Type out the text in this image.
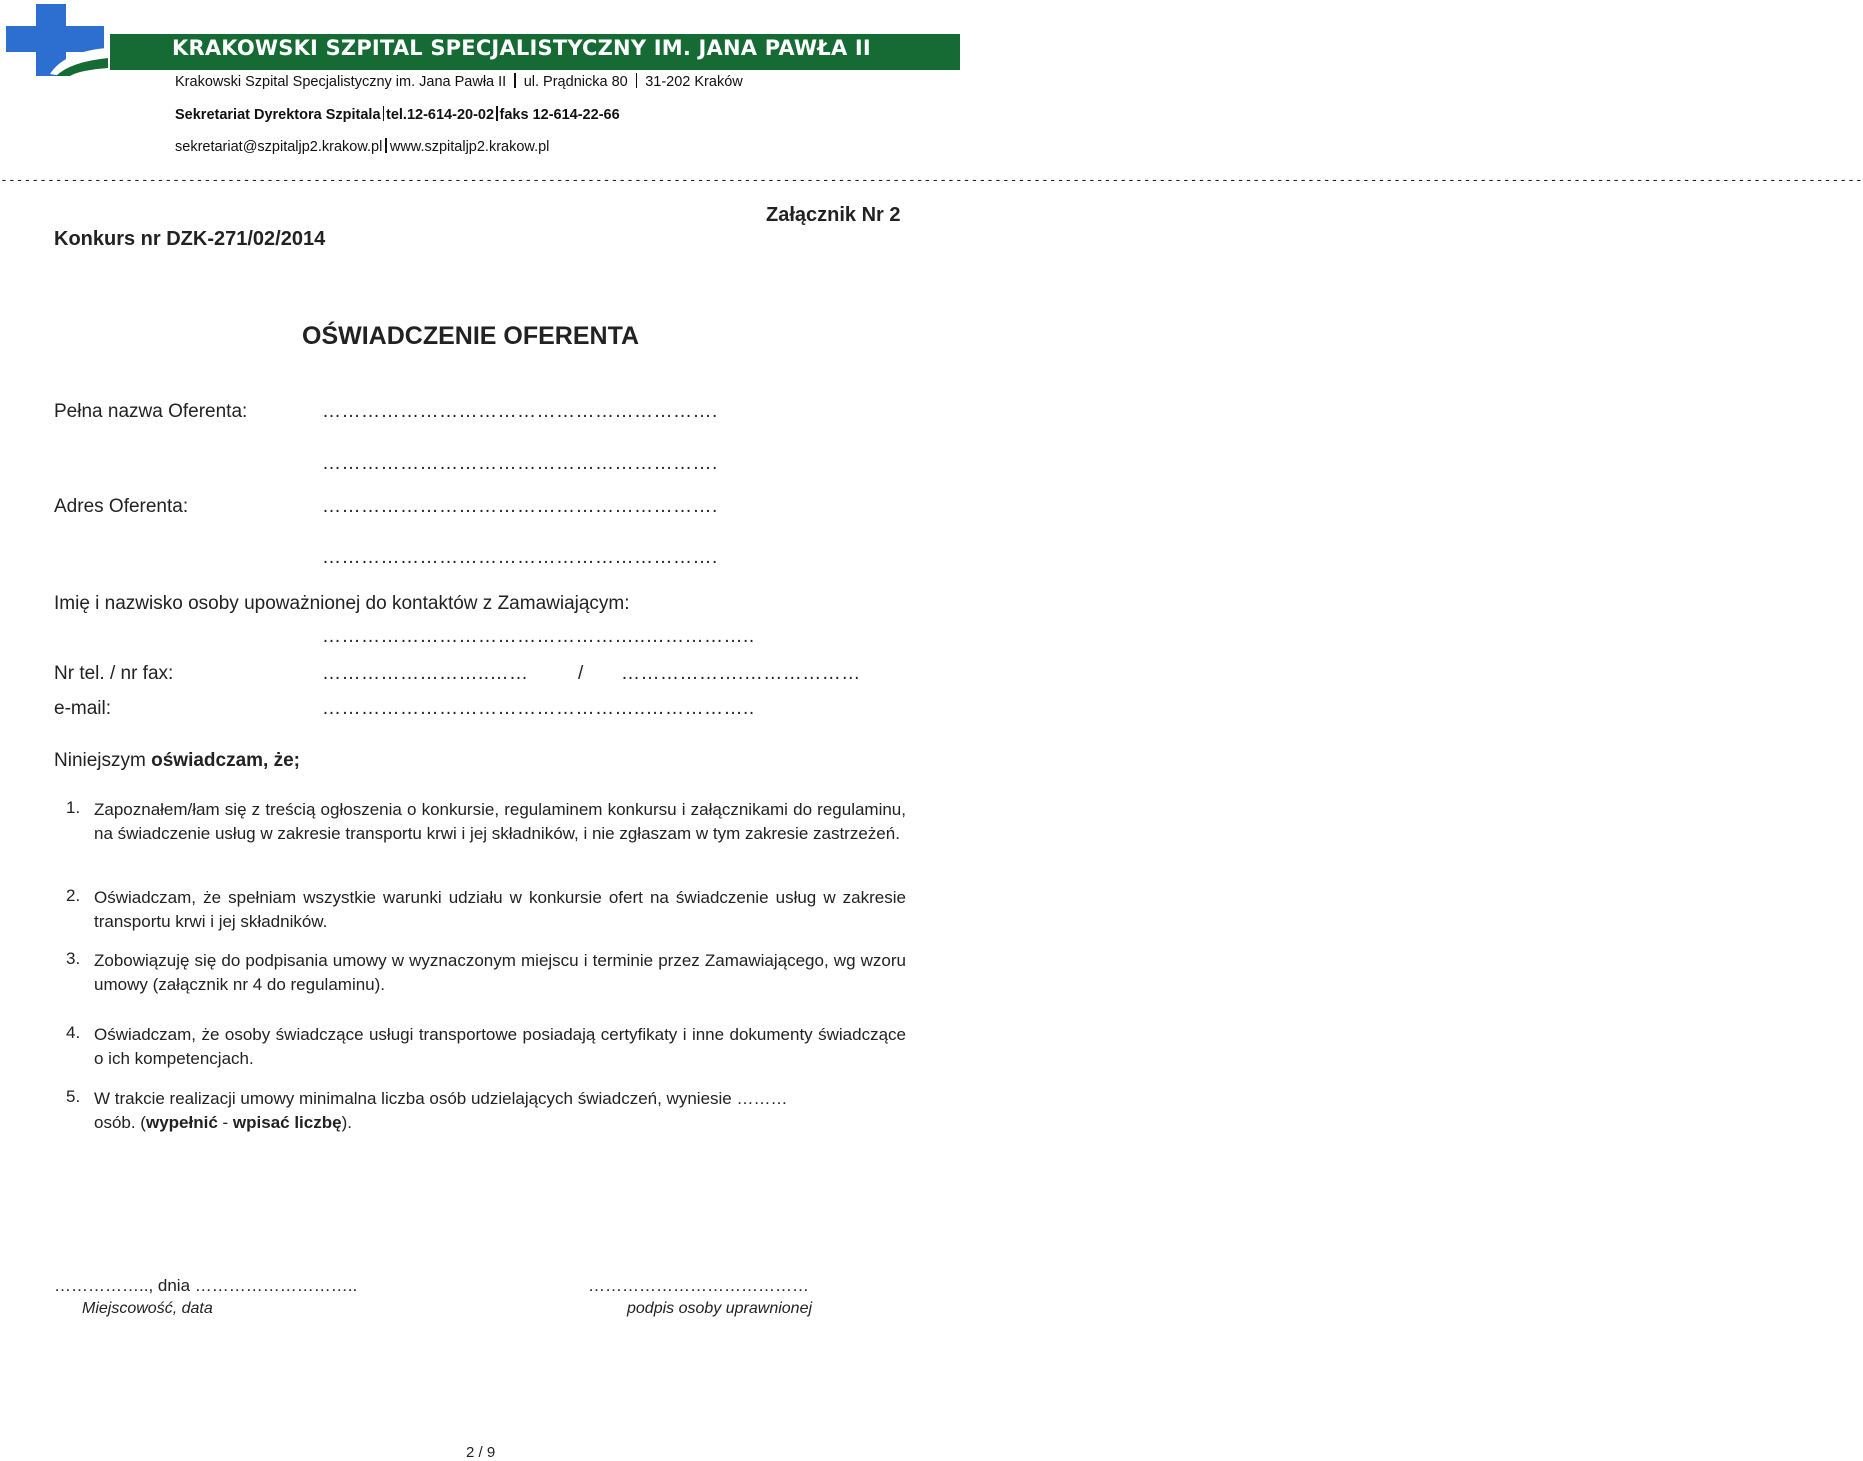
KRAKOWSKI SZPITAL SPECJALISTYCZNY IM. JANA PAWŁA II
Krakowski Szpital Specjalistyczny im. Jana Pawła II ul. Prądnicka 80 31-202 Kraków
Sekretariat Dyrektora Szpitala tel.12-614-20-02 faks 12-614-22-66
sekretariat@szpitaljp2.krakow.pl www.szpitaljp2.krakow.pl
----------------------------------------------------------------------------------------------------------------------------------------------------------------------------------------------------------------------------------------------
Załącznik Nr 2
Konkurs nr DZK-271/02/2014
OŚWIADCZENIE OFERENTA
Pełna nazwa Oferenta:	…………………………………………………….
…………………………………………………….
Adres Oferenta:	…………………………………………………….
…………………………………………………….
Imię i nazwisko osoby upoważnionej do kontaktów z Zamawiającym:
…………………………………………..……………..
Nr tel. / nr fax:	……………………..……	/ ……………….………………
e-mail:	…………………………………………..……………..
Niniejszym oświadczam, że;
1. Zapoznałem/łam się z treścią ogłoszenia o konkursie, regulaminem konkursu i załącznikami do regulaminu, na świadczenie usług w zakresie transportu krwi i jej składników, i nie zgłaszam w tym zakresie zastrzeżeń.
2. Oświadczam, że spełniam wszystkie warunki udziału w konkursie ofert na świadczenie usług w zakresie transportu krwi i jej składników.
3. Zobowiązuję się do podpisania umowy w wyznaczonym miejscu i terminie przez Zamawiającego, wg wzoru umowy (załącznik nr 4 do regulaminu).
4. Oświadczam, że osoby świadczące usługi transportowe posiadają certyfikaty i inne dokumenty świadczące o ich kompetencjach.
5. W trakcie realizacji umowy minimalna liczba osób udzielających świadczeń, wyniesie ………
osób. (wypełnić - wpisać liczbę).
…………….., dnia ………………………..
Miejscowość, data
…………………………………
podpis osoby uprawnionej
2 / 9
